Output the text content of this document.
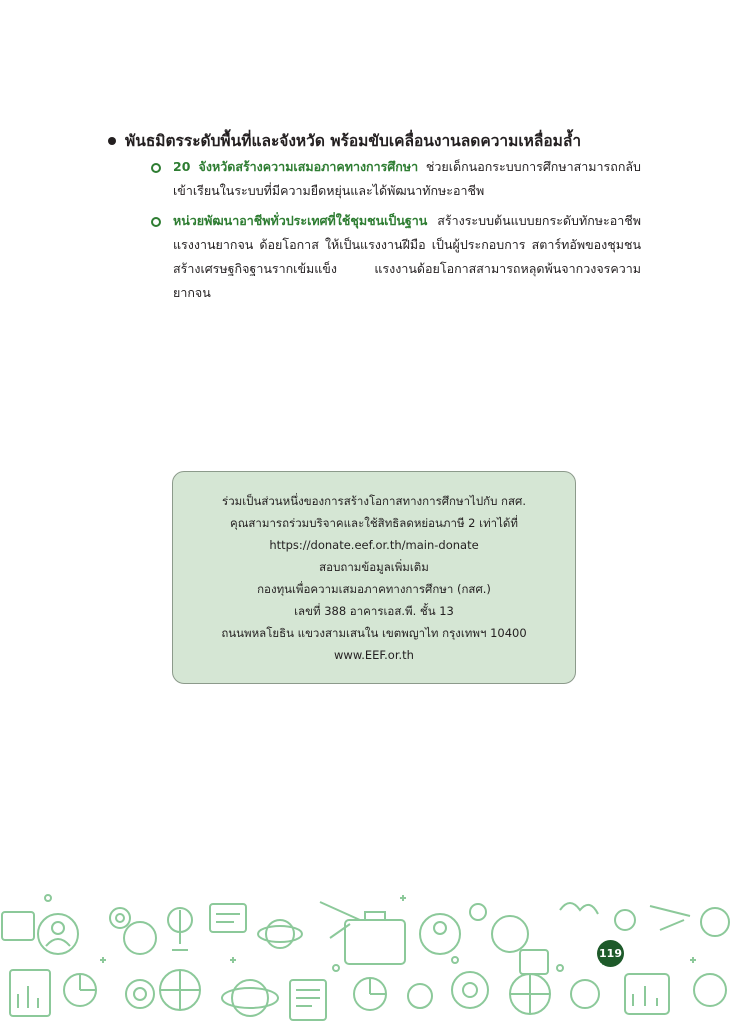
พันธมิตรระดับพื้นที่และจังหวัด พร้อมขับเคลื่อนงานลดความเหลื่อมล้ำ
20 จังหวัดสร้างความเสมอภาคทางการศึกษา ช่วยเด็กนอกระบบการศึกษาสามารถกลับเข้าเรียนในระบบที่มีความยืดหยุ่นและได้พัฒนาทักษะอาชีพ
หน่วยพัฒนาอาชีพทั่วประเทศที่ใช้ชุมชนเป็นฐาน สร้างระบบต้นแบบยกระดับทักษะอาชีพแรงงานยากจน ด้อยโอกาส ให้เป็นแรงงานฝีมือ เป็นผู้ประกอบการ สตาร์ทอัพของชุมชน สร้างเศรษฐกิจฐานรากเข้มแข็ง แรงงานด้อยโอกาสสามารถหลุดพ้นจากวงจรความยากจน
ร่วมเป็นส่วนหนึ่งของการสร้างโอกาสทางการศึกษาไปกับ กสศ.
คุณสามารถร่วมบริจาคและใช้สิทธิลดหย่อนภาษี 2 เท่าได้ที่
https://donate.eef.or.th/main-donate
สอบถามข้อมูลเพิ่มเติม
กองทุนเพื่อความเสมอภาคทางการศึกษา (กสศ.)
เลขที่ 388 อาคารเอส.พี. ชั้น 13
ถนนพหลโยธิน แขวงสามเสนใน เขตพญาไท กรุงเทพฯ 10400
www.EEF.or.th
119
